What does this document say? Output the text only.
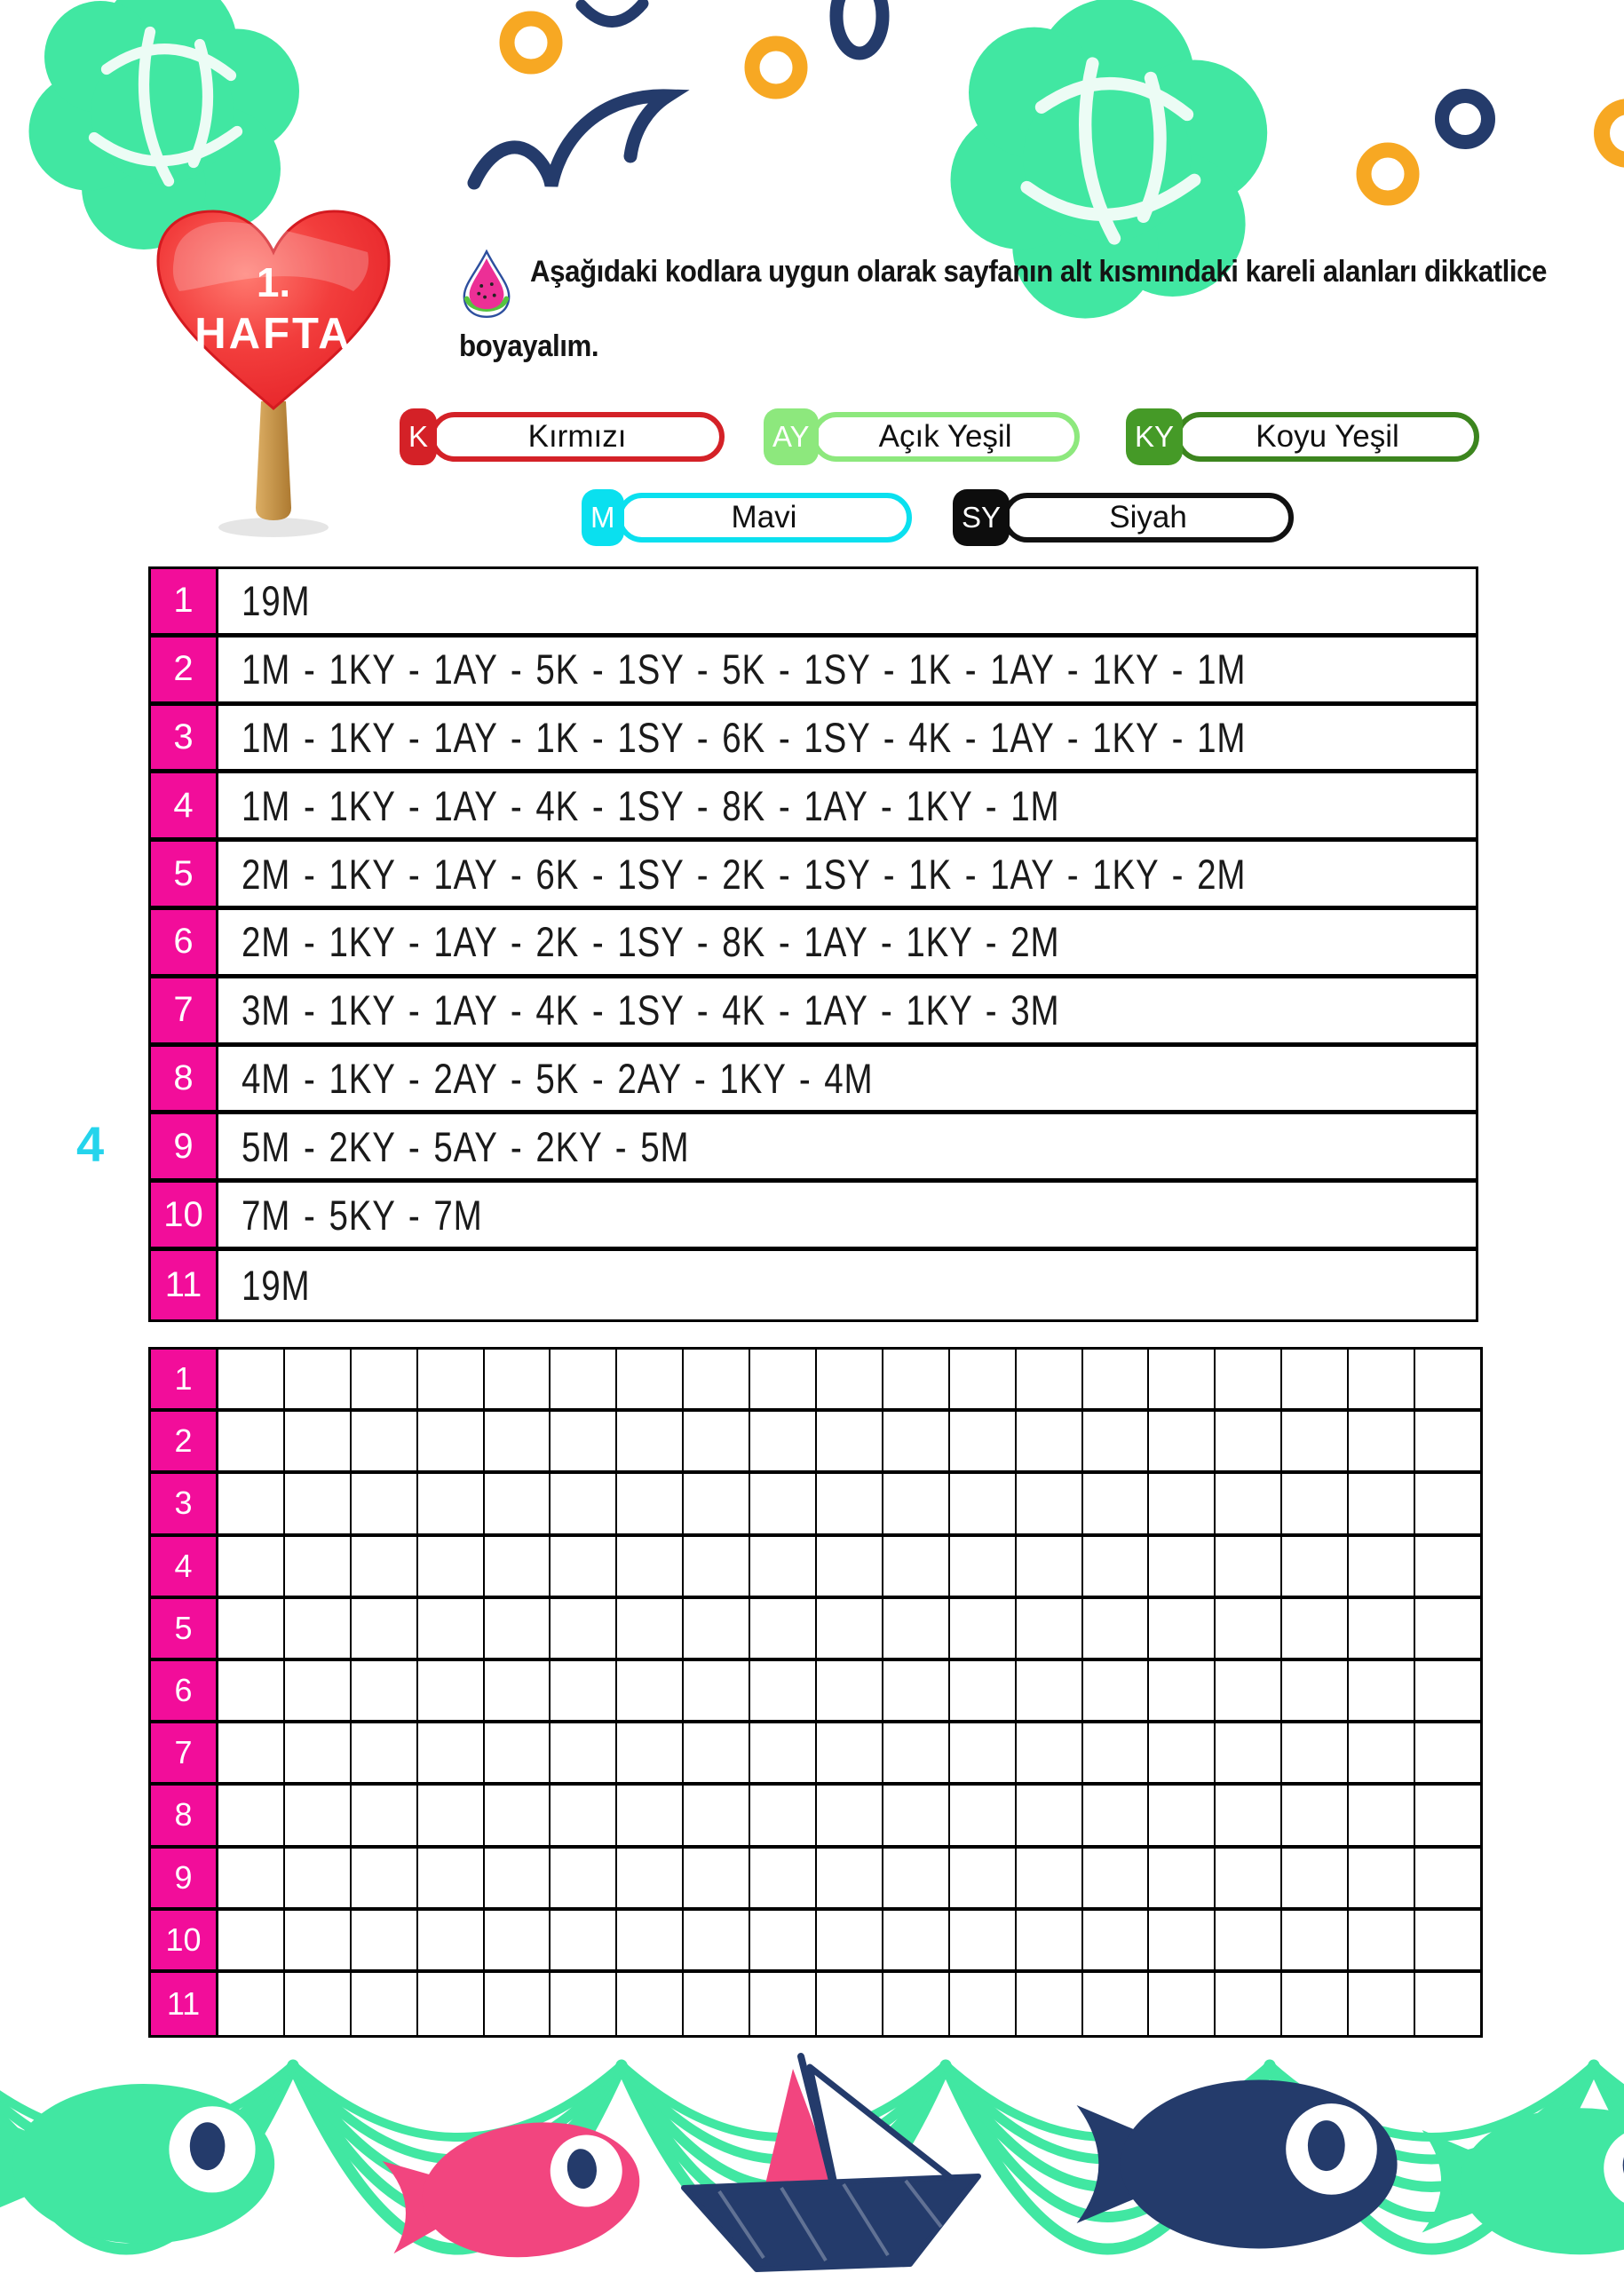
1.
HAFTA
Aşağıdaki kodlara uygun olarak sayfanın alt kısmındaki kareli alanları dikkatlice
boyayalım.
K	Kırmızı	AY	Açık Yeşil	KY	Koyu Yeşil
M	Mavi	SY	Siyah
1	19M
2	1M - 1KY - 1AY - 5K - 1SY - 5K - 1SY - 1K - 1AY - 1KY - 1M
3	1M - 1KY - 1AY - 1K - 1SY - 6K - 1SY - 4K - 1AY - 1KY - 1M
4	1M - 1KY - 1AY - 4K - 1SY - 8K - 1AY - 1KY - 1M
5	2M - 1KY - 1AY - 6K - 1SY - 2K - 1SY - 1K - 1AY - 1KY - 2M
6	2M - 1KY - 1AY - 2K - 1SY - 8K - 1AY - 1KY - 2M
7	3M - 1KY - 1AY - 4K - 1SY - 4K - 1AY - 1KY - 3M
8	4M - 1KY - 2AY - 5K - 2AY - 1KY - 4M
9	5M - 2KY - 5AY - 2KY - 5M
10 7M - 5KY - 7M
11 19M
4
1
2
3
4
5
6
7
8
9
10
11
